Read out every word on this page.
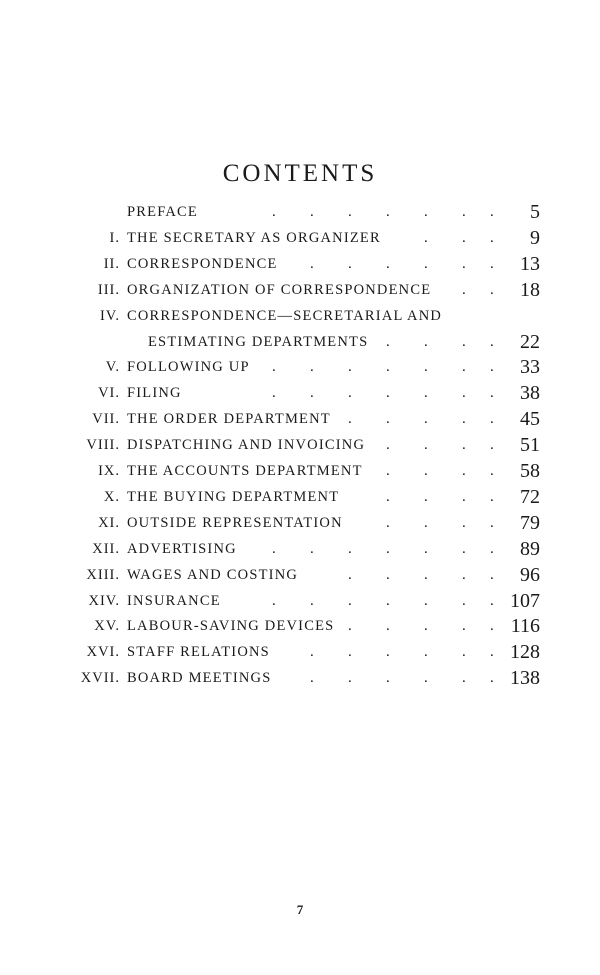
CONTENTS
PREFACE	. . . . . . . 5
I. THE SECRETARY AS ORGANIZER	. . . 9
II. CORRESPONDENCE . . . . . . 13
III. ORGANIZATION OF CORRESPONDENCE . . 18
IV. CORRESPONDENCE—SECRETARIAL AND
ESTIMATING DEPARTMENTS . . . . 22
V. FOLLOWING UP . . . . . . . 33
VI. FILING	. . . . . . . 38
VII. THE ORDER DEPARTMENT . . . . . 45
VIII. DISPATCHING AND INVOICING . . . . 51
IX. THE ACCOUNTS DEPARTMENT . . . . 58
X. THE BUYING DEPARTMENT	. . . . 72
XI. OUTSIDE REPRESENTATION	. . . . 79
XII. ADVERTISING . . . . . . . 89
XIII. WAGES AND COSTING	. . . . . 96
XIV. INSURANCE	. . . . . . . 107
XV. LABOUR-SAVING DEVICES . . . . . 116
XVI. STAFF RELATIONS	. . . . . . 128
XVII. BOARD MEETINGS	. . . . . . 138
7
